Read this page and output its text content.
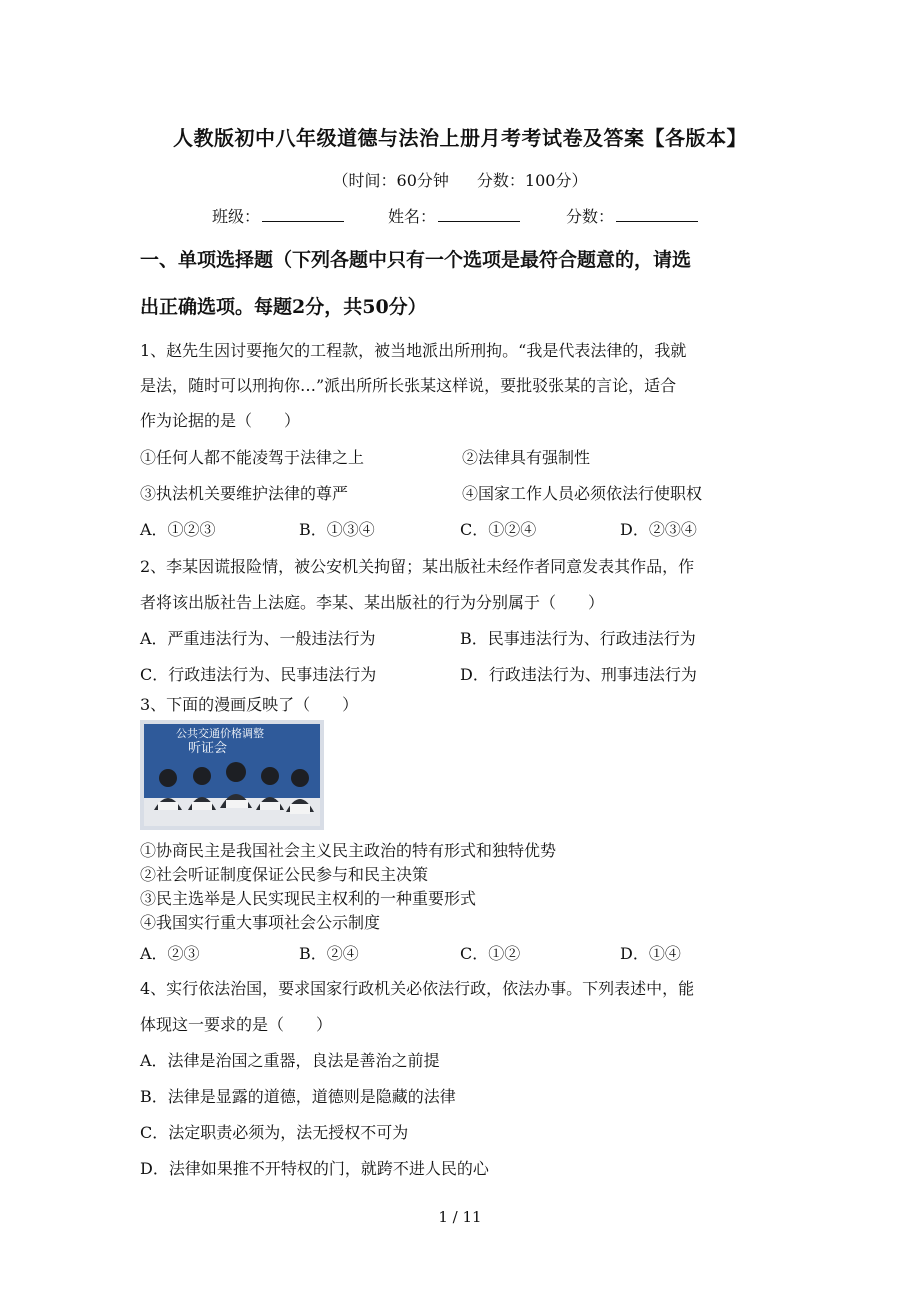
人教版初中八年级道德与法治上册月考考试卷及答案【各版本】
（时间：60分钟 分数：100分）
班级：	姓名：	分数：
一、单项选择题（下列各题中只有一个选项是最符合题意的，请选
出正确选项。每题2分，共50分）
1、赵先生因讨要拖欠的工程款，被当地派出所刑拘。“我是代表法律的，我就
是法，随时可以刑拘你…”派出所所长张某这样说，要批驳张某的言论，适合
作为论据的是（　　）
①任何人都不能凌驾于法律之上	②法律具有强制性
③执法机关要维护法律的尊严	④国家工作人员必须依法行使职权
A．①②③	B．①③④	C．①②④	D．②③④
2、李某因谎报险情，被公安机关拘留；某出版社未经作者同意发表其作品，作
者将该出版社告上法庭。李某、某出版社的行为分别属于（　　）
A．严重违法行为、一般违法行为	B．民事违法行为、行政违法行为
C．行政违法行为、民事违法行为	D．行政违法行为、刑事违法行为
3、下面的漫画反映了（　　）
公共交通价格调整
听证会
①协商民主是我国社会主义民主政治的特有形式和独特优势
②社会听证制度保证公民参与和民主决策
③民主选举是人民实现民主权利的一种重要形式
④我国实行重大事项社会公示制度
A．②③	B．②④	C．①②	D．①④
4、实行依法治国，要求国家行政机关必依法行政，依法办事。下列表述中，能
体现这一要求的是（　　）
A．法律是治国之重器，良法是善治之前提
B．法律是显露的道德，道德则是隐藏的法律
C．法定职责必须为，法无授权不可为
D．法律如果推不开特权的门，就跨不进人民的心
1 / 11
